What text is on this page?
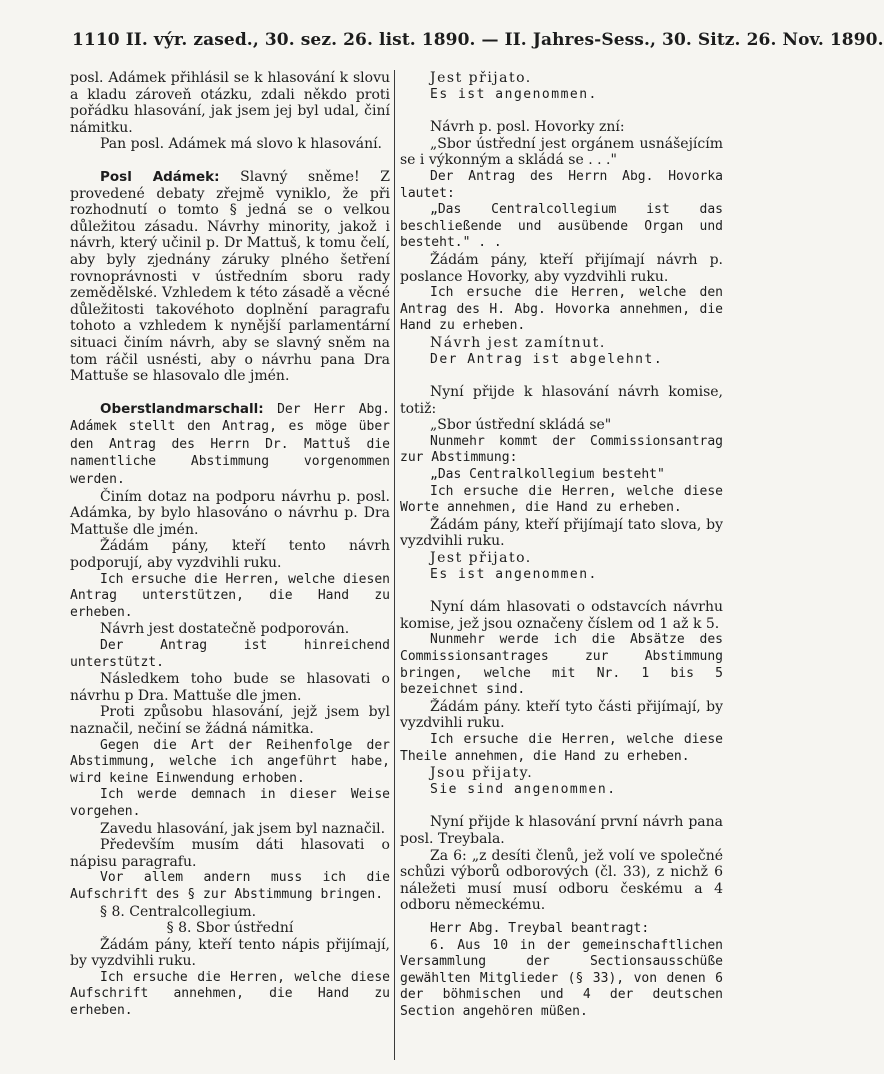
1110 II. výr. zased., 30. sez. 26. list. 1890. — II. Jahres-Sess., 30. Sitz. 26. Nov. 1890.

posl. Adámek přihlásil se k hlasování k slovu a kladu zároveň otázku, zdali někdo proti pořádku hlasování, jak jsem jej byl udal, činí námitku.

Pan posl. Adámek má slovo k hlasování.

Posl Adámek: Slavný sněme! Z provedené debaty zřejmě vyniklo, že při rozhodnutí o tomto § jedná se o velkou důležitou zásadu. Návrhy minority, jakož i návrh, který učinil p. Dr Mattuš, k tomu čelí, aby byly zjednány záruky plného šetření rovnoprávnosti v ústředním sboru rady zemědělské. Vzhledem k této zásadě a věcné důležitosti takovéhoto doplnění paragrafu tohoto a vzhledem k nynější parlamentární situaci činím návrh, aby se slavný sněm na tom ráčil usnésti, aby o návrhu pana Dra Mattuše se hlasovalo dle jmén.

Oberstlandmarschall: Der Herr Abg. Adámek stellt den Antrag, es möge über den Antrag des Herrn Dr. Mattuš die namentliche Abstimmung vorgenommen werden.

Činím dotaz na podporu návrhu p. posl. Adámka, by bylo hlasováno o návrhu p. Dra Mattuše dle jmén.

Žádám pány, kteří tento návrh podporují, aby vyzdvihli ruku.

Ich ersuche die Herren, welche diesen Antrag unterstützen, die Hand zu erheben.

Návrh jest dostatečně podporován.

Der Antrag ist hinreichend unterstützt.

Následkem toho bude se hlasovati o návrhu p Dra. Mattuše dle jmen.

Proti způsobu hlasování, jejž jsem byl naznačil, nečiní se žádná námitka.

Gegen die Art der Reihenfolge der Abstimmung, welche ich angeführt habe, wird keine Einwendung erhoben.

Ich werde demnach in dieser Weise vorgehen.

Zavedu hlasování, jak jsem byl naznačil.

Především musím dáti hlasovati o nápisu paragrafu.

Vor allem andern muss ich die Aufschrift des § zur Abstimmung bringen.

§ 8. Centralcollegium.

§ 8. Sbor ústřední

Žádám pány, kteří tento nápis přijímají, by vyzdvihli ruku.

Ich ersuche die Herren, welche diese Aufschrift annehmen, die Hand zu erheben.

Jest přijato.

Es ist angenommen.

Návrh p. posl. Hovorky zní:

„Sbor ústřední jest orgánem usnášejícím se i výkonným a skládá se . . ."

Der Antrag des Herrn Abg. Hovorka lautet:

„Das Centralcollegium ist das beschließende und ausübende Organ und besteht." . .

Žádám pány, kteří přijímají návrh p. poslance Hovorky, aby vyzdvihli ruku.

Ich ersuche die Herren, welche den Antrag des H. Abg. Hovorka annehmen, die Hand zu erheben.

Návrh jest zamítnut.

Der Antrag ist abgelehnt.

Nyní přijde k hlasování návrh komise, totiž:

„Sbor ústřední skládá se"

Nunmehr kommt der Commissionsantrag zur Abstimmung:

„Das Centralkollegium besteht"

Ich ersuche die Herren, welche diese Worte annehmen, die Hand zu erheben.

Žádám pány, kteří přijímají tato slova, by vyzdvihli ruku.

Jest přijato.

Es ist angenommen.

Nyní dám hlasovati o odstavcích návrhu komise, jež jsou označeny číslem od 1 až k 5.

Nunmehr werde ich die Absätze des Commissionsantrages zur Abstimmung bringen, welche mit Nr. 1 bis 5 bezeichnet sind.

Žádám pány. kteří tyto části přijímají, by vyzdvihli ruku.

Ich ersuche die Herren, welche diese Theile annehmen, die Hand zu erheben.

Jsou přijaty.

Sie sind angenommen.

Nyní přijde k hlasování první návrh pana posl. Treybala.

Za 6: „z desíti členů, jež volí ve společné schůzi výborů odborových (čl. 33), z nichž 6 náležeti musí musí odboru českému a 4 odboru německému.

Herr Abg. Treybal beantragt:

6. Aus 10 in der gemeinschaftlichen Versammlung der Sectionsausschüße gewählten Mitglieder (§ 33), von denen 6 der böhmischen und 4 der deutschen Section angehören müßen.
